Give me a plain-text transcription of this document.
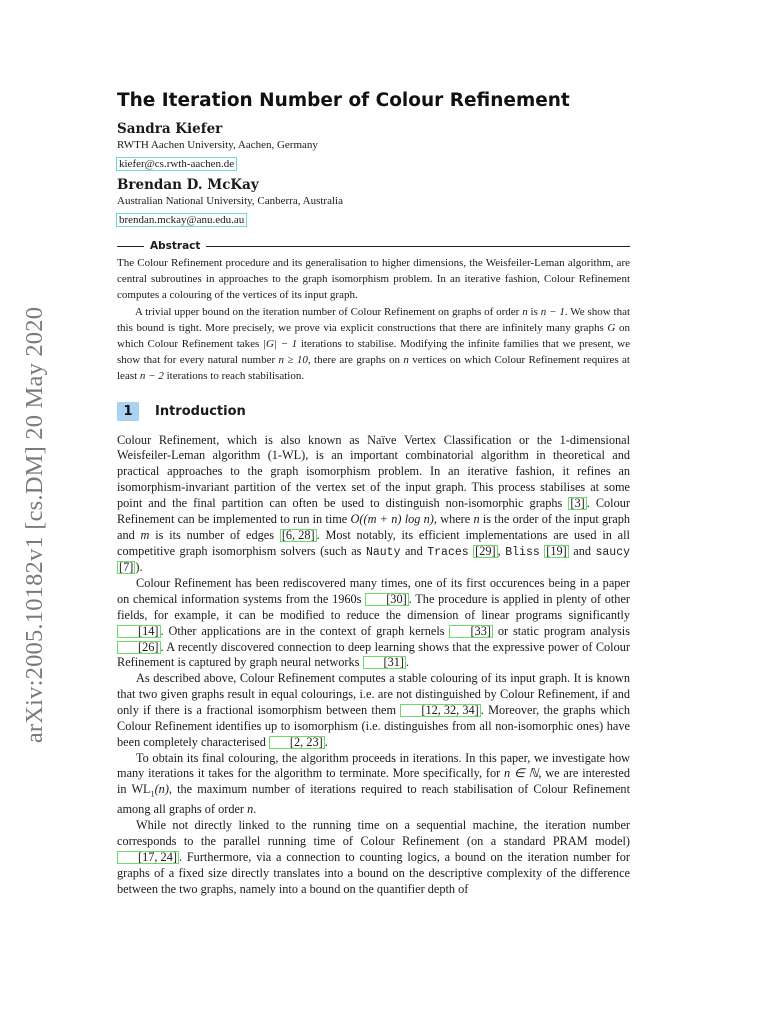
arXiv:2005.10182v1 [cs.DM] 20 May 2020
The Iteration Number of Colour Refinement
Sandra Kiefer
RWTH Aachen University, Aachen, Germany
kiefer@cs.rwth-aachen.de
Brendan D. McKay
Australian National University, Canberra, Australia
brendan.mckay@anu.edu.au
Abstract

The Colour Refinement procedure and its generalisation to higher dimensions, the Weisfeiler-Leman algorithm, are central subroutines in approaches to the graph isomorphism problem. In an iterative fashion, Colour Refinement computes a colouring of the vertices of its input graph.

A trivial upper bound on the iteration number of Colour Refinement on graphs of order n is n − 1. We show that this bound is tight. More precisely, we prove via explicit constructions that there are infinitely many graphs G on which Colour Refinement takes |G| − 1 iterations to stabilise. Modifying the infinite families that we present, we show that for every natural number n ≥ 10, there are graphs on n vertices on which Colour Refinement requires at least n − 2 iterations to reach stabilisation.

1	Introduction

Colour Refinement, which is also known as Naïve Vertex Classification or the 1-dimensional Weisfeiler-Leman algorithm (1-WL), is an important combinatorial algorithm in theoretical and practical approaches to the graph isomorphism problem. In an iterative fashion, it refines an isomorphism-invariant partition of the vertex set of the input graph. This process stabilises at some point and the final partition can often be used to distinguish non-isomorphic graphs [3] . Colour Refinement can be implemented to run in time O((m + n) log n), where n is the order of the input graph and m is its number of edges [6, 28] . Most notably, its efficient implementations are used in all competitive graph isomorphism solvers (such as Nauty and Traces [29] , Bliss [19] and saucy [7] ).

Colour Refinement has been rediscovered many times, one of its first occurences being in a paper on chemical information systems from the 1960s [30] . The procedure is applied in plenty of other fields, for example, it can be modified to reduce the dimension of linear programs significantly [14] . Other applications are in the context of graph kernels [33] or static program analysis [26] . A recently discovered connection to deep learning shows that the expressive power of Colour Refinement is captured by graph neural networks [31] .

As described above, Colour Refinement computes a stable colouring of its input graph. It is known that two given graphs result in equal colourings, i.e. are not distinguished by Colour Refinement, if and only if there is a fractional isomorphism between them [12, 32, 34] . Moreover, the graphs which Colour Refinement identifies up to isomorphism (i.e. distinguishes from all non-isomorphic ones) have been completely characterised [2, 23] .

To obtain its final colouring, the algorithm proceeds in iterations. In this paper, we investigate how many iterations it takes for the algorithm to terminate. More specifically, for n ∈ ℕ, we are interested in $WL_1(n)$, the maximum number of iterations required to reach stabilisation of Colour Refinement among all graphs of order n.

While not directly linked to the running time on a sequential machine, the iteration number corresponds to the parallel running time of Colour Refinement (on a standard PRAM model) [17, 24] . Furthermore, via a connection to counting logics, a bound on the iteration number for graphs of a fixed size directly translates into a bound on the descriptive complexity of the difference between the two graphs, namely into a bound on the quantifier depth of
